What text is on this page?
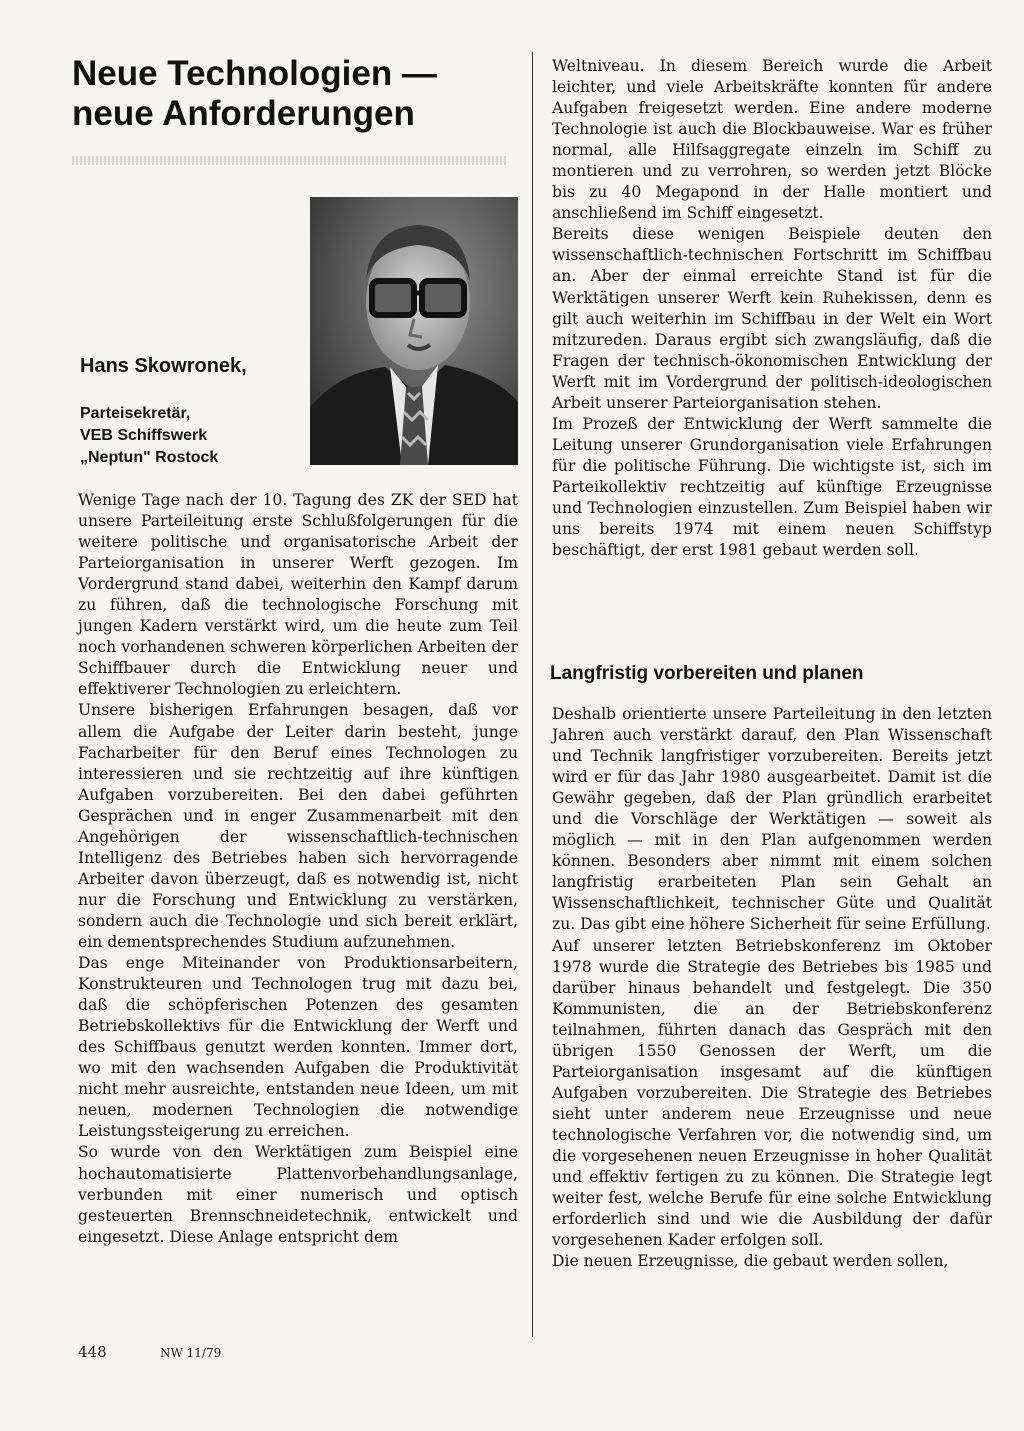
Neue Technologien —
neue Anforderungen
Hans Skowronek,
Parteisekretär,
VEB Schiffswerk
„Neptun" Rostock

Wenige Tage nach der 10. Tagung des ZK der SED hat unsere Parteileitung erste Schlußfolgerungen für die weitere politische und organisatorische Arbeit der Parteiorganisation in unserer Werft gezogen. Im Vordergrund stand dabei, weiterhin den Kampf darum zu führen, daß die technologische Forschung mit jungen Kadern verstärkt wird, um die heute zum Teil noch vorhandenen schweren körperlichen Arbeiten der Schiffbauer durch die Entwicklung neuer und effektiverer Technologien zu erleichtern.

Unsere bisherigen Erfahrungen besagen, daß vor allem die Aufgabe der Leiter darin besteht, junge Facharbeiter für den Beruf eines Technologen zu interessieren und sie rechtzeitig auf ihre künftigen Aufgaben vorzubereiten. Bei den dabei geführten Gesprächen und in enger Zusammenarbeit mit den Angehörigen der wissenschaftlich-technischen Intelligenz des Betriebes haben sich hervorragende Arbeiter davon überzeugt, daß es notwendig ist, nicht nur die Forschung und Entwicklung zu verstärken, sondern auch die Technologie und sich bereit erklärt, ein dementsprechendes Studium aufzunehmen.

Das enge Miteinander von Produktionsarbeitern, Konstrukteuren und Technologen trug mit dazu bei, daß die schöpferischen Potenzen des gesamten Betriebskollektivs für die Entwicklung der Werft und des Schiffbaus genutzt werden konnten. Immer dort, wo mit den wachsenden Aufgaben die Produktivität nicht mehr ausreichte, entstanden neue Ideen, um mit neuen, modernen Technologien die notwendige Leistungssteigerung zu erreichen.

So wurde von den Werktätigen zum Beispiel eine hochautomatisierte Plattenvorbehandlungsanlage, verbunden mit einer numerisch und optisch gesteuerten Brennschneidetechnik, entwickelt und eingesetzt. Diese Anlage entspricht dem

Weltniveau. In diesem Bereich wurde die Arbeit leichter, und viele Arbeitskräfte konnten für andere Aufgaben freigesetzt werden. Eine andere moderne Technologie ist auch die Blockbauweise. War es früher normal, alle Hilfsaggregate einzeln im Schiff zu montieren und zu verrohren, so werden jetzt Blöcke bis zu 40 Megapond in der Halle montiert und anschließend im Schiff eingesetzt.

Bereits diese wenigen Beispiele deuten den wissenschaftlich-technischen Fortschritt im Schiffbau an. Aber der einmal erreichte Stand ist für die Werktätigen unserer Werft kein Ruhekissen, denn es gilt auch weiterhin im Schiffbau in der Welt ein Wort mitzureden. Daraus ergibt sich zwangsläufig, daß die Fragen der technisch-ökonomischen Entwicklung der Werft mit im Vordergrund der politisch-ideologischen Arbeit unserer Parteiorganisation stehen.

Im Prozeß der Entwicklung der Werft sammelte die Leitung unserer Grundorganisation viele Erfahrungen für die politische Führung. Die wichtigste ist, sich im Parteikollektiv rechtzeitig auf künftige Erzeugnisse und Technologien einzustellen. Zum Beispiel haben wir uns bereits 1974 mit einem neuen Schiffstyp beschäftigt, der erst 1981 gebaut werden soll.

Langfristig vorbereiten und planen

Deshalb orientierte unsere Parteileitung in den letzten Jahren auch verstärkt darauf, den Plan Wissenschaft und Technik langfristiger vorzubereiten. Bereits jetzt wird er für das Jahr 1980 ausgearbeitet. Damit ist die Gewähr gegeben, daß der Plan gründlich erarbeitet und die Vorschläge der Werktätigen — soweit als möglich — mit in den Plan aufgenommen werden können. Besonders aber nimmt mit einem solchen langfristig erarbeiteten Plan sein Gehalt an Wissenschaftlichkeit, technischer Güte und Qualität zu. Das gibt eine höhere Sicherheit für seine Erfüllung.

Auf unserer letzten Betriebskonferenz im Oktober 1978 wurde die Strategie des Betriebes bis 1985 und darüber hinaus behandelt und festgelegt. Die 350 Kommunisten, die an der Betriebskonferenz teilnahmen, führten danach das Gespräch mit den übrigen 1550 Genossen der Werft, um die Parteiorganisation insgesamt auf die künftigen Aufgaben vorzubereiten. Die Strategie des Betriebes sieht unter anderem neue Erzeugnisse und neue technologische Verfahren vor, die notwendig sind, um die vorgesehenen neuen Erzeugnisse in hoher Qualität und effektiv fertigen zu zu können. Die Strategie legt weiter fest, welche Berufe für eine solche Entwicklung erforderlich sind und wie die Ausbildung der dafür vorgesehenen Kader erfolgen soll.

Die neuen Erzeugnisse, die gebaut werden sollen,

448	NW 11/79
